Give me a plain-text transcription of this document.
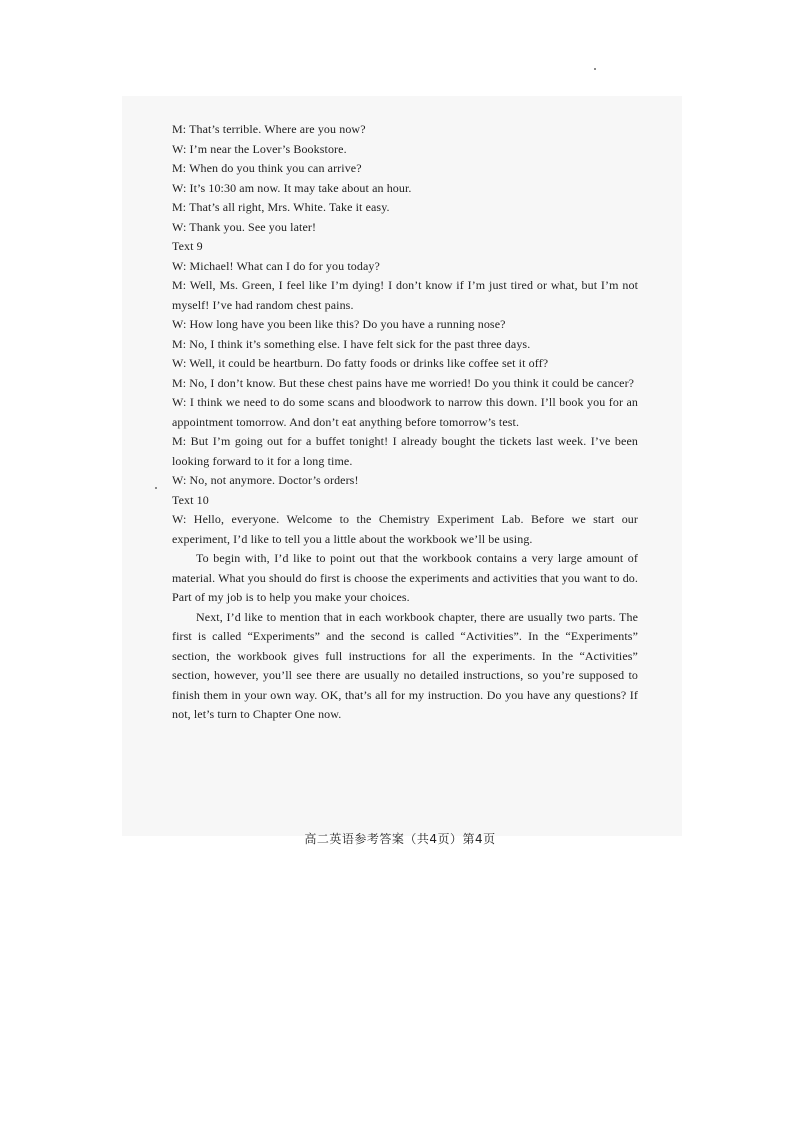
M: That’s terrible. Where are you now?

W: I’m near the Lover’s Bookstore.

M: When do you think you can arrive?

W: It’s 10:30 am now. It may take about an hour.

M: That’s all right, Mrs. White. Take it easy.

W: Thank you. See you later!

Text 9

W: Michael! What can I do for you today?

M: Well, Ms. Green, I feel like I’m dying! I don’t know if I’m just tired or what, but I’m not myself! I’ve had random chest pains.

W: How long have you been like this? Do you have a running nose?

M: No, I think it’s something else. I have felt sick for the past three days.

W: Well, it could be heartburn. Do fatty foods or drinks like coffee set it off?

M: No, I don’t know. But these chest pains have me worried! Do you think it could be cancer?

W: I think we need to do some scans and bloodwork to narrow this down. I’ll book you for an appointment tomorrow. And don’t eat anything before tomorrow’s test.

M: But I’m going out for a buffet tonight! I already bought the tickets last week. I’ve been looking forward to it for a long time.

W: No, not anymore. Doctor’s orders!

Text 10

W: Hello, everyone. Welcome to the Chemistry Experiment Lab. Before we start our experiment, I’d like to tell you a little about the workbook we’ll be using.

To begin with, I’d like to point out that the workbook contains a very large amount of material. What you should do first is choose the experiments and activities that you want to do. Part of my job is to help you make your choices.

Next, I’d like to mention that in each workbook chapter, there are usually two parts. The first is called “Experiments” and the second is called “Activities”. In the “Experiments” section, the workbook gives full instructions for all the experiments. In the “Activities” section, however, you’ll see there are usually no detailed instructions, so you’re supposed to finish them in your own way. OK, that’s all for my instruction. Do you have any questions? If not, let’s turn to Chapter One now.

高二英语参考答案（共4页）第4页
